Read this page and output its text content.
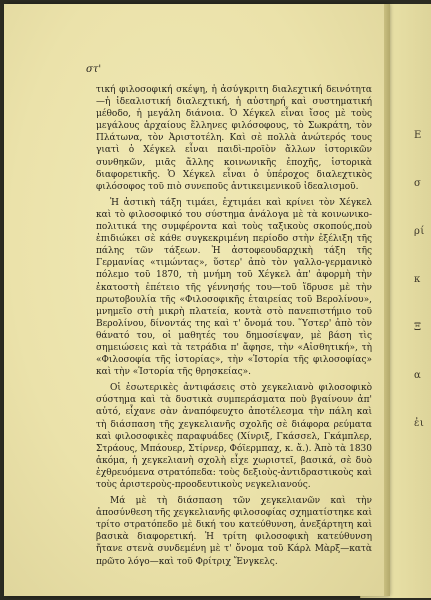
Ε

σ

ρί

κ

Ξ

α

ἐι

στ'

τική φιλοσοφική σκέψη, ἡ ἀσύγκριτη διαλεχτική δεινότητα—ἡ ἰδεαλιστική διαλεχτική, ἡ αὐστηρή καὶ συστηματική μέθοδο, ἡ μεγάλη διάνοια. Ὁ Χέγκελ εἶναι ἴσος μὲ τοὺς μεγάλους ἀρχαίους ἕλληνες φιλόσοφους, τὸ Σωκράτη, τὸν Πλάτωνα, τὸν Ἀριστοτέλη. Καὶ σὲ πολλὰ ἀνώτερός τους γιατὶ ὁ Χέγκελ εἶναι παιδὶ-προϊὸν ἄλλων ἱστορικῶν συνθηκῶν, μιᾶς ἄλλης κοινωνικῆς ἐποχῆς, ἱστορικὰ διαφορετικῆς. Ὁ Χέγκελ εἶναι ὁ ὑπέροχος διαλεχτικὸς φιλόσοφος τοῦ πιὸ συνεποῦς ἀντικειμενικοῦ ἰδεαλισμοῦ.

Ἡ ἀστικὴ τάξη τιμάει, ἐχτιμάει καὶ κρίνει τὸν Χέγκελ καὶ τὸ φιλοσοφικό του σύστημα ἀνάλογα μὲ τὰ κοινωνικο-πολιτικά της συμφέροντα καὶ τοὺς ταξικοὺς σκοπούς,ποὺ ἐπιδιώκει σὲ κάθε συγκεκριμένη περίοδο στὴν ἐξέλιξη τῆς πάλης τῶν τάξεων. Ἡ ἀστοφεουδαρχικὴ τάξη τῆς Γερμανίας «τιμώντας», ὕστερ' ἀπὸ τὸν γαλλο-γερμανικὸ πόλεμο τοῦ 1870, τὴ μνήμη τοῦ Χέγκελ ἀπ' ἀφορμὴ τὴν ἑκατοστὴ ἐπέτειο τῆς γέννησής του—τοῦ ἵδρυσε μὲ τὴν πρωτοβουλία τῆς «Φιλοσοφικῆς ἑταιρείας τοῦ Βερολίνου», μνημεῖο στὴ μικρὴ πλατεία, κοντὰ στὸ πανεπιστήμιο τοῦ Βερολίνου, δίνοντάς της καὶ τ' ὄνομά του. Ὕστερ' ἀπὸ τὸν θάνατό του, οἱ μαθητές του δημοσίεψαν, μὲ βάση τὶς σημειώσεις καὶ τὰ τετράδια π' ἄφησε, τὴν «Αἰσθητική», τὴ «Φιλοσοφία τῆς ἱστορίας», τὴν «Ἱστορία τῆς φιλοσοφίας» καὶ τὴν «Ἱστορία τῆς θρησκείας».

Οἱ ἐσωτερικὲς ἀντιφάσεις στὸ χεγκελιανὸ φιλοσοφικὸ σύστημα καὶ τὰ δυστικὰ συμπεράσματα ποὺ βγαίνουν ἀπ' αὐτό, εἶχανε σὰν ἀναπόφευχτο ἀποτέλεσμα τὴν πάλη καὶ τὴ διάσπαση τῆς χεγκελιανῆς σχολῆς σὲ διάφορα ρεύματα καὶ φιλοσοφικὲς παραφυάδες (Χίνριξ, Γκάσσελ, Γκάμπλερ, Στράους, Μπάουερ, Στίρνερ, Φόϊερμπαχ, κ. ἄ.). Ἀπὸ τὰ 1830 ἀκόμα, ἡ χεγκελιανὴ σχολὴ εἶχε χωριστεῖ, βασικά, σὲ δυὸ ἐχθρευόμενα στρατόπεδα: τοὺς δεξιοὺς-ἀντιδραστικοὺς καὶ τοὺς ἀριστεροὺς-προοδευτικοὺς νεγκελιανούς.

Μά μὲ τὴ διάσπαση τῶν χεγκελιανῶν καὶ τὴν ἀποσύνθεση τῆς χεγκελιανῆς φιλοσοφίας σχηματίστηκε καὶ τρίτο στρατόπεδο μὲ δική του κατεύθυνση, ἀνεξάρτητη καὶ βασικὰ διαφορετική. Ἡ τρίτη φιλοσοφικὴ κατεύθυνση ἤτανε στενὰ συνδεμένη μὲ τ' ὄνομα τοῦ Κάρλ Μὰρξ—κατὰ πρῶτο λόγο—καὶ τοῦ Φρίτριχ Ἔνγκελς.
